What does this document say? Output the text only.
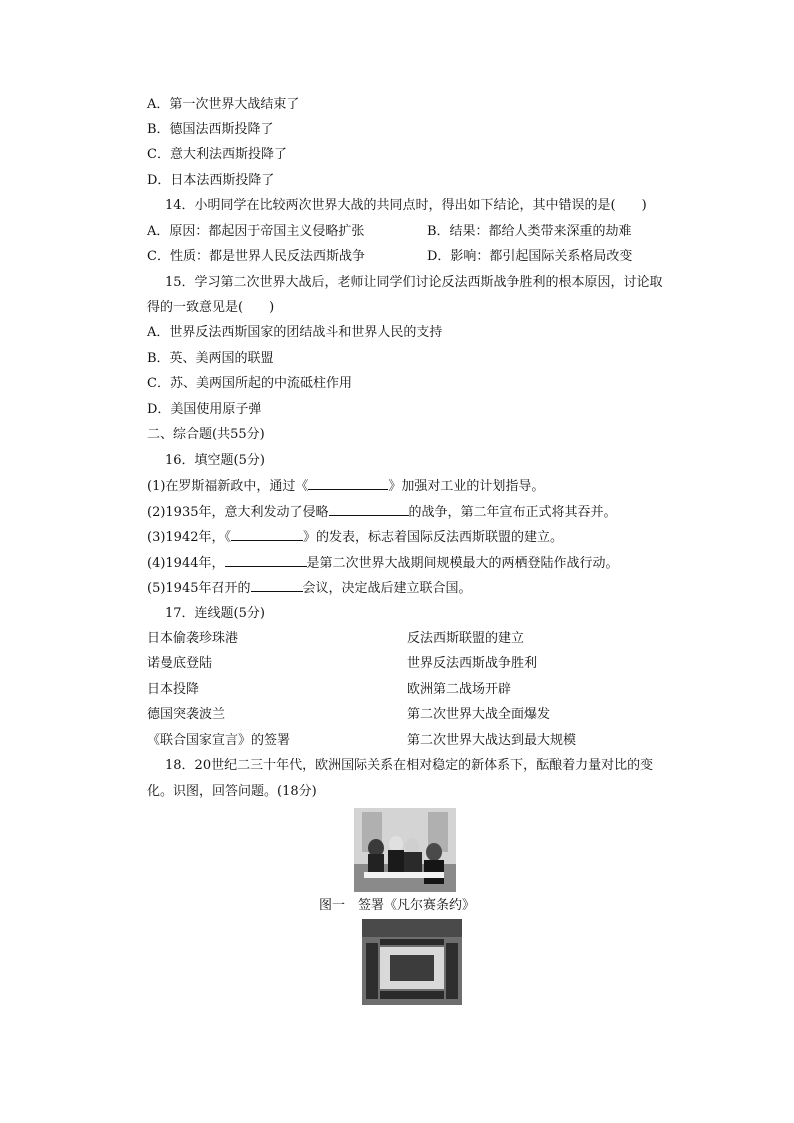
A．第一次世界大战结束了
B．德国法西斯投降了
C．意大利法西斯投降了
D．日本法西斯投降了
14．小明同学在比较两次世界大战的共同点时，得出如下结论，其中错误的是(　　)
A．原因：都起因于帝国主义侵略扩张	B．结果：都给人类带来深重的劫难
C．性质：都是世界人民反法西斯战争	D．影响：都引起国际关系格局改变
15．学习第二次世界大战后，老师让同学们讨论反法西斯战争胜利的根本原因，讨论取
得的一致意见是(　　)
A．世界反法西斯国家的团结战斗和世界人民的支持
B．英、美两国的联盟
C．苏、美两国所起的中流砥柱作用
D．美国使用原子弹
二、综合题(共55分)
16．填空题(5分)
(1)在罗斯福新政中，通过《	》加强对工业的计划指导。
(2)1935年，意大利发动了侵略	的战争，第二年宣布正式将其吞并。
(3)1942年，《	》的发表，标志着国际反法西斯联盟的建立。
(4)1944年，	是第二次世界大战期间规模最大的两栖登陆作战行动。
(5)1945年召开的	会议，决定战后建立联合国。
17．连线题(5分)
日本偷袭珍珠港	反法西斯联盟的建立
诺曼底登陆	世界反法西斯战争胜利
日本投降	欧洲第二战场开辟
德国突袭波兰	第二次世界大战全面爆发
《联合国家宣言》的签署	第二次世界大战达到最大规模
18．20世纪二三十年代，欧洲国际关系在相对稳定的新体系下，酝酿着力量对比的变
化。识图，回答问题。(18分)
图一　签署《凡尔赛条约》
